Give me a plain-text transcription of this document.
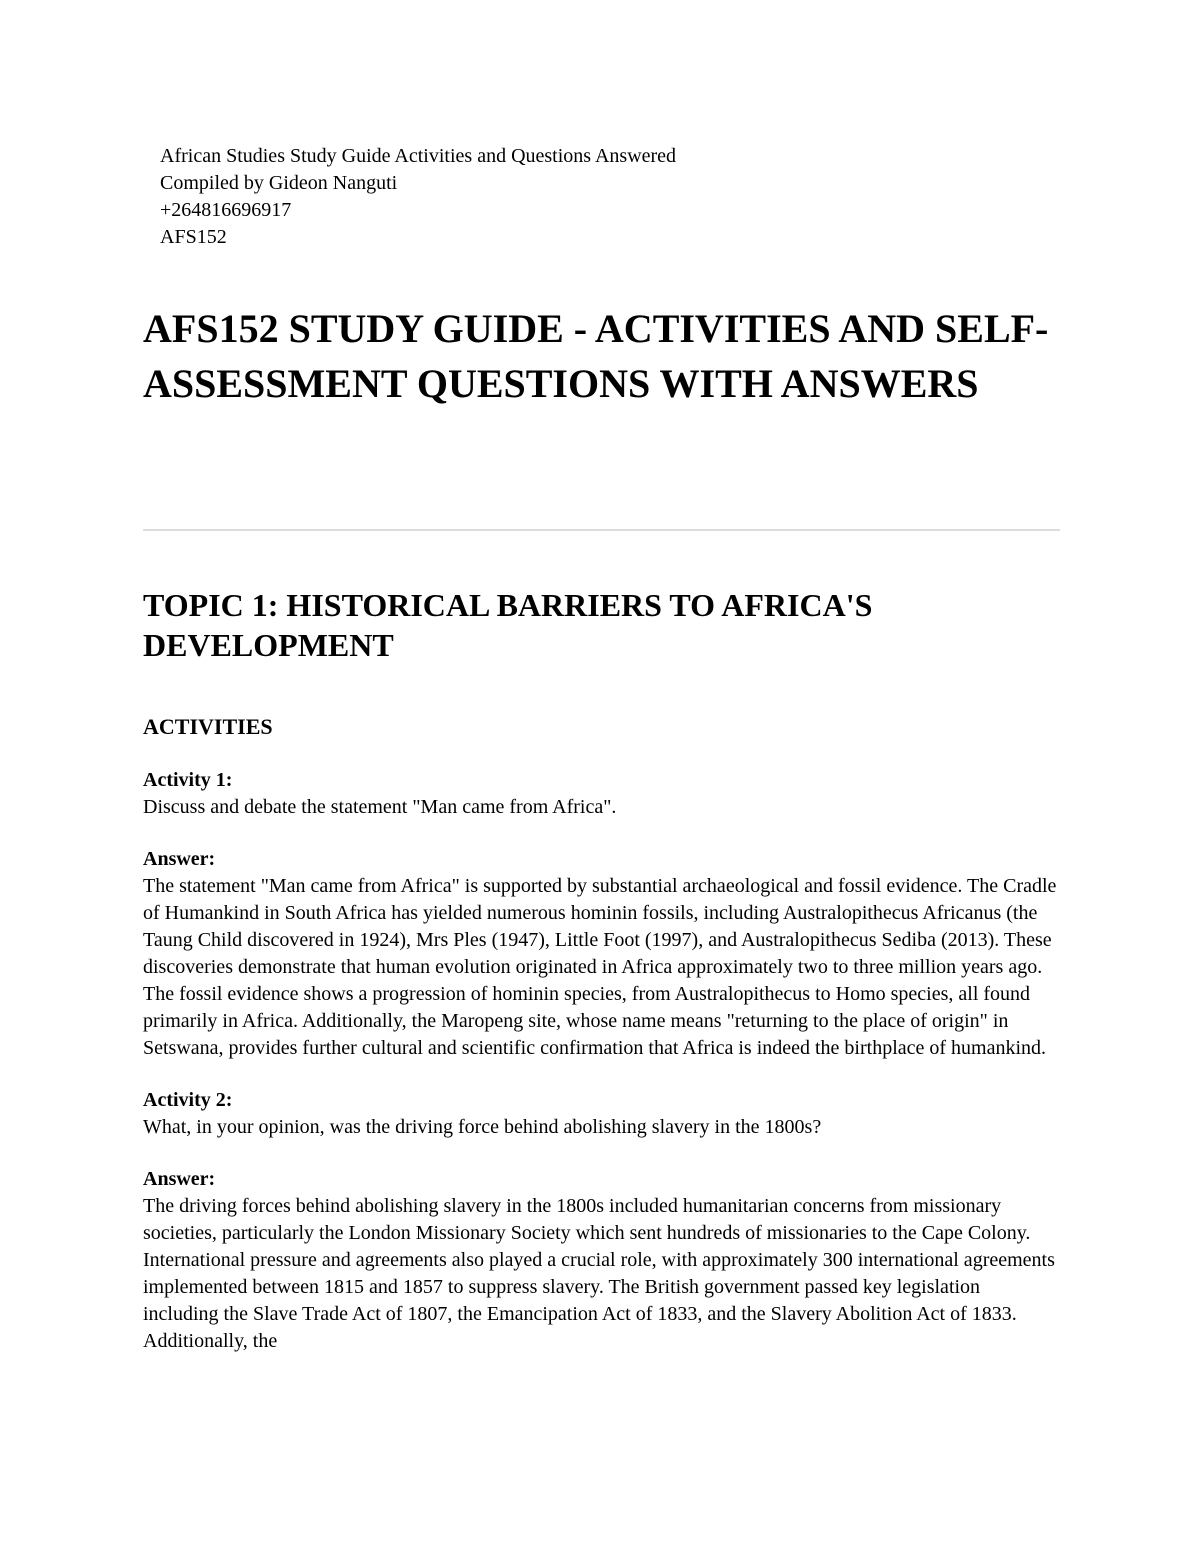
African Studies Study Guide Activities and Questions Answered
Compiled by Gideon Nanguti
+264816696917
AFS152
AFS152 STUDY GUIDE - ACTIVITIES AND SELF-ASSESSMENT QUESTIONS WITH ANSWERS
TOPIC 1: HISTORICAL BARRIERS TO AFRICA'S DEVELOPMENT
ACTIVITIES
Activity 1:
Discuss and debate the statement "Man came from Africa".
Answer:
The statement "Man came from Africa" is supported by substantial archaeological and fossil evidence. The Cradle of Humankind in South Africa has yielded numerous hominin fossils, including Australopithecus Africanus (the Taung Child discovered in 1924), Mrs Ples (1947), Little Foot (1997), and Australopithecus Sediba (2013). These discoveries demonstrate that human evolution originated in Africa approximately two to three million years ago. The fossil evidence shows a progression of hominin species, from Australopithecus to Homo species, all found primarily in Africa. Additionally, the Maropeng site, whose name means "returning to the place of origin" in Setswana, provides further cultural and scientific confirmation that Africa is indeed the birthplace of humankind.
Activity 2:
What, in your opinion, was the driving force behind abolishing slavery in the 1800s?
Answer:
The driving forces behind abolishing slavery in the 1800s included humanitarian concerns from missionary societies, particularly the London Missionary Society which sent hundreds of missionaries to the Cape Colony. International pressure and agreements also played a crucial role, with approximately 300 international agreements implemented between 1815 and 1857 to suppress slavery. The British government passed key legislation including the Slave Trade Act of 1807, the Emancipation Act of 1833, and the Slavery Abolition Act of 1833. Additionally, the
